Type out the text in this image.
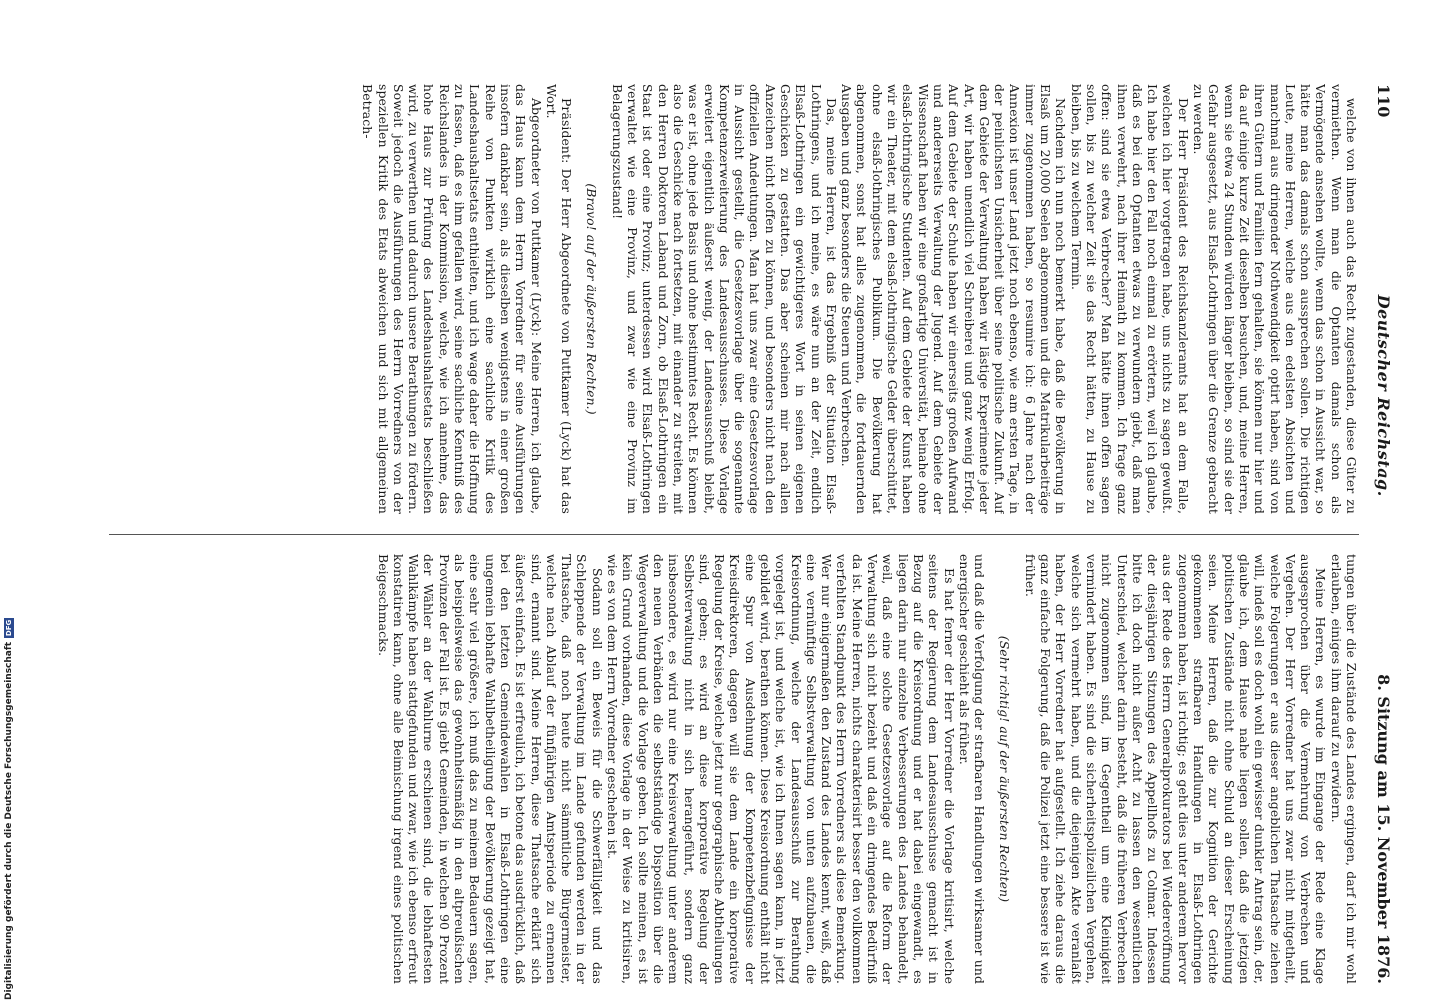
Digitalisierung gefördert durch die Deutsche Forschungsgemeinschaft
DFG
110
Deutscher Reichstag.
8. Sitzung am 15. November 1876.

welche von ihnen auch das Recht zugestanden, diese Güter zu vermiethen. Wenn man die Optanten damals schon als Vermögende ansehen wollte, wenn das schon in Aussicht war, so hätte man das damals schon aussprechen sollen. Die richtigen Leute, meine Herren, welche aus den edelsten Absichten und manchmal aus dringender Nothwendigkeit optirt haben, sind von ihren Gütern und Familien fern gehalten, sie können nur hier und da auf einige kurze Zeit dieselben besuchen, und, meine Herren, wenn sie etwa 24 Stunden würden länger bleiben, so sind sie der Gefahr ausgesetzt, aus Elsaß-Lothringen über die Grenze gebracht zu werden.

Der Herr Präsident des Reichskanzleramts hat an dem Falle, welchen ich hier vorgetragen habe, uns nichts zu sagen gewußt. Ich habe hier den Fall noch einmal zu erörtern, weil ich glaube, daß es bei den Optanten etwas zu verwundern giebt, daß man ihnen verwehrt, nach ihrer Heimath zu kommen. Ich frage ganz offen: sind sie etwa Verbrecher? Man hätte ihnen offen sagen sollen, bis zu welcher Zeit sie das Recht hätten, zu Hause zu bleiben, bis zu welchem Termin.

Nachdem ich nun noch bemerkt habe, daß die Bevölkerung in Elsaß um 20,000 Seelen abgenommen und die Matrikularbeiträge immer zugenommen haben, so resumire ich: 6 Jahre nach der Annexion ist unser Land jetzt noch ebenso, wie am ersten Tage, in der peinlichsten Unsicherheit über seine politische Zukunft. Auf dem Gebiete der Verwaltung haben wir lästige Experimente jeder Art, wir haben unendlich viel Schreiberei und ganz wenig Erfolg. Auf dem Gebiete der Schule haben wir einerseits großen Aufwand und andererseits Verwaltung der Jugend. Auf dem Gebiete der Wissenschaft haben wir eine großartige Universität, beinahe ohne elsaß-lothringische Studenten. Auf dem Gebiete der Kunst haben wir ein Theater, mit dem elsaß-lothringische Gelder überschüttet, ohne elsaß-lothringisches Publikum. Die Bevölkerung hat abgenommen, sonst hat alles zugenommen, die fortdauernden Ausgaben und ganz besonders die Steuern und Verbrechen.

Das, meine Herren, ist das Ergebniß der Situation Elsaß-Lothringens, und ich meine, es wäre nun an der Zeit, endlich Elsaß-Lothringen ein gewichtigeres Wort in seinen eigenen Geschicken zu gestatten. Das aber scheinen mir nach allen Anzeichen nicht hoffen zu können, und besonders nicht nach den offiziellen Andeutungen. Man hat uns zwar eine Gesetzesvorlage in Aussicht gestellt, die Gesetzesvorlage über die sogenannte Kompetenzerweiterung des Landesausschusses. Diese Vorlage erweitert eigentlich äußerst wenig, der Landesausschuß bleibt, was er ist, ohne jede Basis und ohne bestimmtes Recht. Es können also die Geschicke nach fortsetzen, mit einander zu streiten, mit den Herren Doktoren Laband und Zorn, ob Elsaß-Lothringen ein Staat ist oder eine Provinz; unterdessen wird Elsaß-Lothringen verwaltet wie eine Provinz, und zwar wie eine Provinz im Belagerungszustand!

(Bravo! auf der äußersten Rechten.)

Präsident: Der Herr Abgeordnete von Puttkamer (Lyck) hat das Wort.

Abgeordneter von Puttkamer (Lyck): Meine Herren, ich glaube, das Haus kann dem Herrn Vorredner für seine Ausführungen insofern dankbar sein, als dieselben wenigstens in einer großen Reihe von Punkten wirklich eine sachliche Kritik des Landeshaushaltsetats enthielten, und ich wage daher die Hoffnung zu fassen, daß es ihm gefallen wird, seine sachliche Kenntniß des Reichslandes in der Kommission, welche, wie ich annehme, das hohe Haus zur Prüfung des Landeshaushaltsetats beschließen wird, zu verwerthen und dadurch unsere Berathungen zu fördern. Soweit jedoch die Ausführungen des Herrn Vorredners von der speziellen Kritik des Etats abweichen und sich mit allgemeinen Betrach-

tungen über die Zustände des Landes ergingen, darf ich mir wohl erlauben, einiges ihm darauf zu erwidern.

Meine Herren, es wurde im Eingange der Rede eine Klage ausgesprochen über die Vermehrung von Verbrechen und Vergehen. Der Herr Vorredner hat uns zwar nicht mitgetheilt, welche Folgerungen er aus dieser angeblichen Thatsache ziehen will, indeß soll es doch wohl ein gewisser dunkler Antrag sein, der, glaube ich, dem Hause nahe liegen sollen, daß die jetzigen politischen Zustände nicht ohne Schuld an dieser Erscheinung seien. Meine Herren, daß die zur Kognition der Gerichte gekommenen strafbaren Handlungen in Elsaß-Lothringen zugenommen haben, ist richtig; es geht dies unter anderem hervor aus der Rede des Herrn Generalprokurators bei Wiedereröffnung der diesjährigen Sitzungen des Appellhofs zu Colmar. Indessen bitte ich doch nicht außer Acht zu lassen den wesentlichen Unterschied, welcher darin besteht, daß die früheren Verbrechen nicht zugenommen sind, im Gegentheil um eine Kleinigkeit vermindert haben. Es sind die sicherheitspolizeilichen Vergehen, welche sich vermehrt haben, und die diejenigen Akte veranlaßt haben, der Herr Vorredner hat aufgestellt. Ich ziehe daraus die ganz einfache Folgerung, daß die Polizei jetzt eine bessere ist wie früher.

(Sehr richtig! auf der äußersten Rechten)

und daß die Verfolgung der strafbaren Handlungen wirksamer und energischer geschieht als früher.

Es hat ferner der Herr Vorredner die Vorlage kritisirt, welche seitens der Regierung dem Landesausschusse gemacht ist in Bezug auf die Kreisordnung und er hat dabei eingewandt, es liegen darin nur einzelne Verbesserungen des Landes behandelt, weil, daß eine solche Gesetzesvorlage auf die Reform der Verwaltung sich nicht bezieht und daß ein dringendes Bedürfniß da ist. Meine Herren, nichts charakterisirt besser den vollkommen verfehlten Standpunkt des Herrn Vorredners als diese Bemerkung. Wer nur einigermaßen den Zustand des Landes kennt, weiß, daß eine vernünftige Selbstverwaltung von unten aufzubauen, die Kreisordnung, welche der Landesausschuß zur Berathung vorgelegt ist, und welche ist, wie ich Ihnen sagen kann, in jetzt gebildet wird, berathen können. Diese Kreisordnung enthält nicht eine Spur von Ausdehnung der Kompetenzbefugnisse der Kreisdirektoren, dagegen will sie dem Lande ein korporative Regelung der Kreise, welche jetzt nur geographische Abtheilungen sind, geben; es wird an diese korporative Regelung der Selbstverwaltung nicht in sich herangeführt, sondern ganz insbesondere, es wird nur eine Kreisverwaltung unter anderem den neuen Verbänden die selbstständige Disposition über die Wegeverwaltung und die Vorlage geben. Ich sollte meinen, es ist kein Grund vorhanden, diese Vorlage in der Weise zu kritisiren, wie es von dem Herrn Vorredner geschehen ist.

Sodann soll ein Beweis für die Schwerfälligkeit und das Schleppende der Verwaltung im Lande gefunden werden in der Thatsache, daß noch heute nicht sämmtliche Bürgermeister, welche nach Ablauf der fünfjährigen Amtsperiode zu ernennen sind, ernannt sind. Meine Herren, diese Thatsache erklärt sich äußerst einfach. Es ist erfreulich, ich betone das ausdrücklich, daß bei den letzten Gemeindewahlen in Elsaß-Lothringen eine ungemein lebhafte Wahlbetheiligung der Bevölkerung gezeigt hat, eine sehr viel größere, ich muß das zu meinem Bedauern sagen, als beispielsweise das gewohnheitsmäßig in den altpreußischen Provinzen der Fall ist. Es giebt Gemeinden, in welchen 90 Prozent der Wähler an der Wahlurne erschienen sind, die lebhaftesten Wahlkämpfe haben stattgefunden und zwar, wie ich ebenso erfreut konstatiren kann, ohne alle Beimischung irgend eines politischen Beigeschmacks.
